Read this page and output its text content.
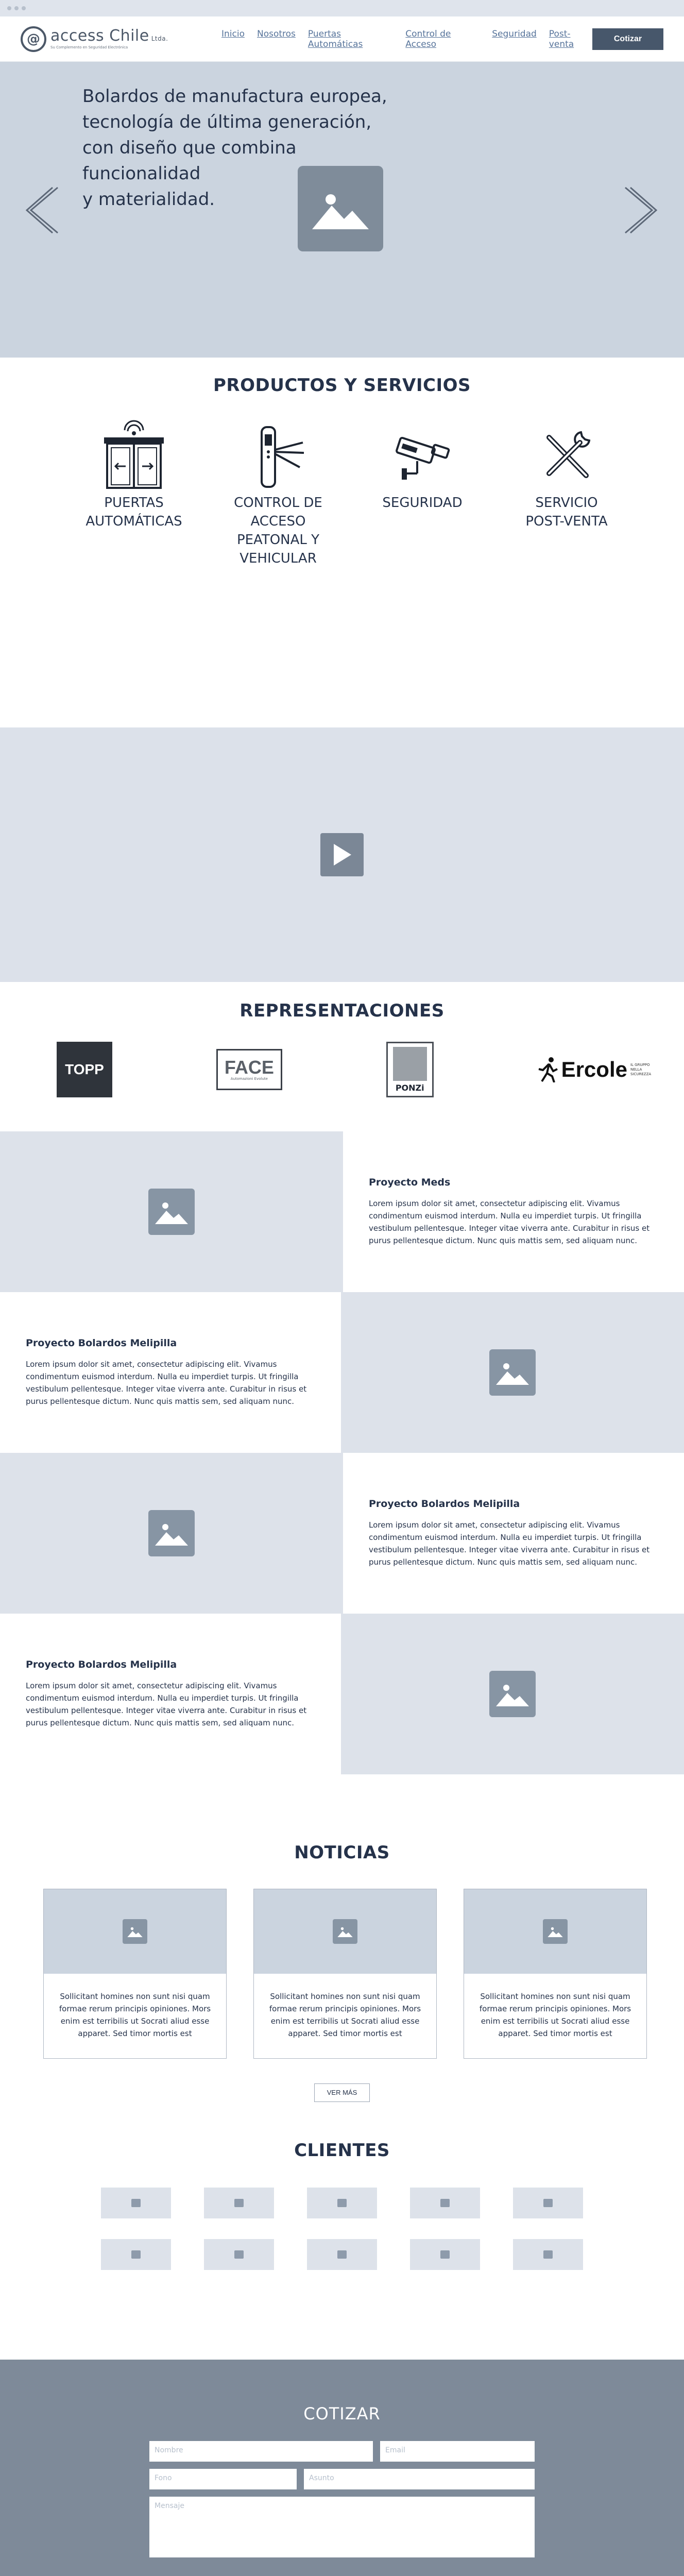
@ access Chile Ltda.
Su Complemento en Seguridad Electrónica
Inicio Nosotros Puertas Automáticas
Control de Acceso
Seguridad Post-venta
Cotizar
Bolardos de manufactura europea,
tecnología de última generación,
con diseño que combina funcionalidad
y materialidad.
PRODUCTOS Y SERVICIOS
PUERTAS
AUTOMÁTICAS
CONTROL DE ACCESO
PEATONAL Y VEHICULAR
SEGURIDAD	SERVICIO
POST-VENTA
REPRESENTACIONES
TOPP	FACE
Automazioni Evolute
PONZi
Ercole IL GRUPPO NELLA SICUREZZA
Proyecto Meds

Lorem ipsum dolor sit amet, consectetur adipiscing elit. Vivamus condimentum euismod interdum. Nulla eu imperdiet turpis. Ut fringilla vestibulum pellentesque. Integer vitae viverra ante. Curabitur in risus et purus pellentesque dictum. Nunc quis mattis sem, sed aliquam nunc.

Proyecto Bolardos Melipilla

Lorem ipsum dolor sit amet, consectetur adipiscing elit. Vivamus condimentum euismod interdum. Nulla eu imperdiet turpis. Ut fringilla vestibulum pellentesque. Integer vitae viverra ante. Curabitur in risus et purus pellentesque dictum. Nunc quis mattis sem, sed aliquam nunc.

Proyecto Bolardos Melipilla

Lorem ipsum dolor sit amet, consectetur adipiscing elit. Vivamus condimentum euismod interdum. Nulla eu imperdiet turpis. Ut fringilla vestibulum pellentesque. Integer vitae viverra ante. Curabitur in risus et purus pellentesque dictum. Nunc quis mattis sem, sed aliquam nunc.

Proyecto Bolardos Melipilla

Lorem ipsum dolor sit amet, consectetur adipiscing elit. Vivamus condimentum euismod interdum. Nulla eu imperdiet turpis. Ut fringilla vestibulum pellentesque. Integer vitae viverra ante. Curabitur in risus et purus pellentesque dictum. Nunc quis mattis sem, sed aliquam nunc.

NOTICIAS
Sollicitant homines non sunt nisi quam formae rerum principis opiniones. Mors enim est terribilis ut Socrati aliud esse apparet. Sed timor mortis est
Sollicitant homines non sunt nisi quam formae rerum principis opiniones. Mors enim est terribilis ut Socrati aliud esse apparet. Sed timor mortis est
Sollicitant homines non sunt nisi quam formae rerum principis opiniones. Mors enim est terribilis ut Socrati aliud esse apparet. Sed timor mortis est
VER MÁS
CLIENTES
COTIZAR
Nombre	Email
Fono	Asunto
Mensaje
